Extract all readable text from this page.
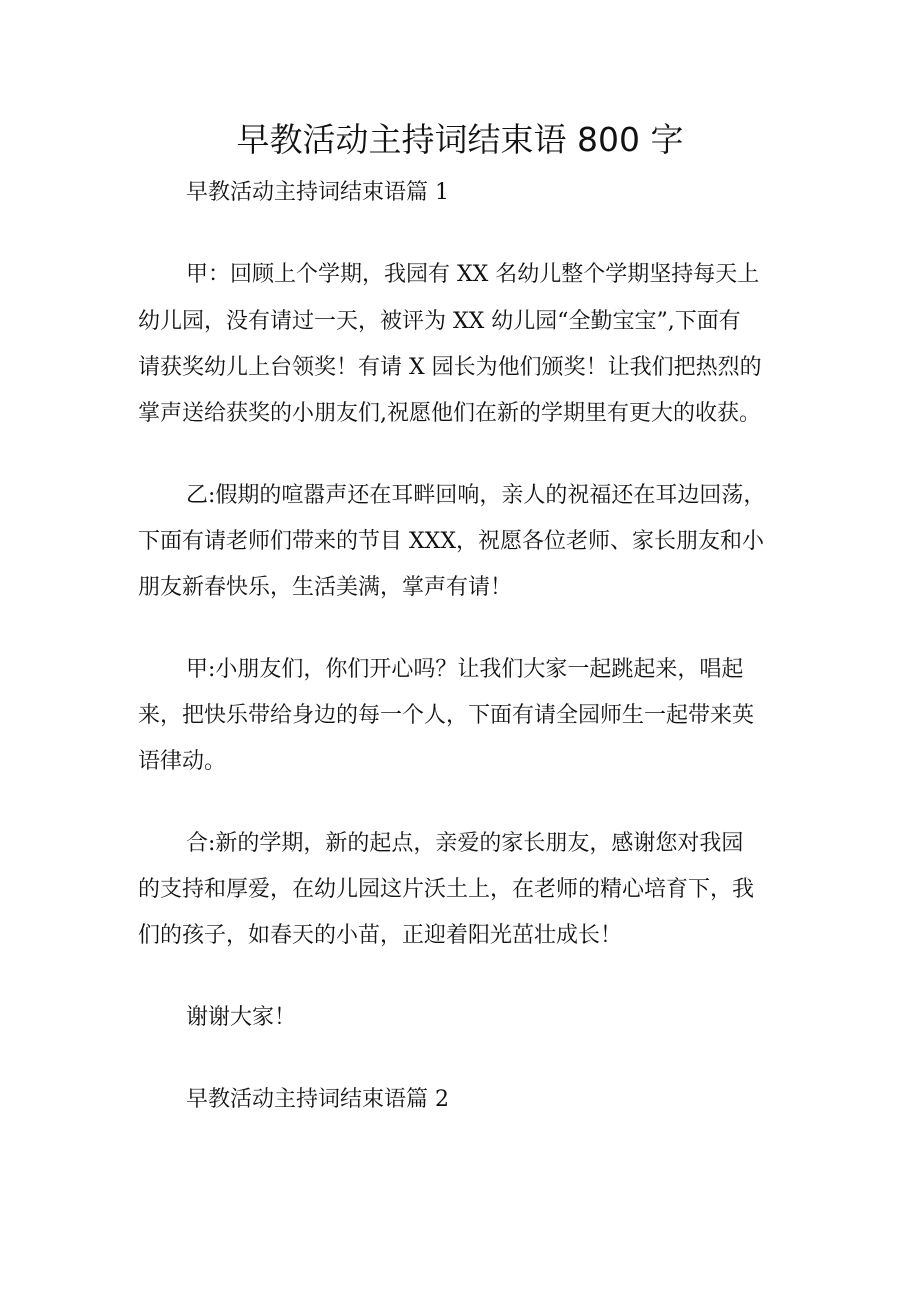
早教活动主持词结束语 800 字

早教活动主持词结束语篇 1

甲：回顾上个学期，我园有 XX 名幼儿整个学期坚持每天上

幼儿园，没有请过一天，被评为 XX 幼儿园“全勤宝宝”,下面有

请获奖幼儿上台领奖！有请 X 园长为他们颁奖！让我们把热烈的

掌声送给获奖的小朋友们,祝愿他们在新的学期里有更大的收获。

乙:假期的喧嚣声还在耳畔回响，亲人的祝福还在耳边回荡，

下面有请老师们带来的节目 XXX，祝愿各位老师、家长朋友和小

朋友新春快乐，生活美满，掌声有请！

甲:小朋友们，你们开心吗？让我们大家一起跳起来，唱起

来，把快乐带给身边的每一个人，下面有请全园师生一起带来英

语律动。

合:新的学期，新的起点，亲爱的家长朋友，感谢您对我园

的支持和厚爱，在幼儿园这片沃土上，在老师的精心培育下，我

们的孩子，如春天的小苗，正迎着阳光茁壮成长！

谢谢大家！

早教活动主持词结束语篇 2
